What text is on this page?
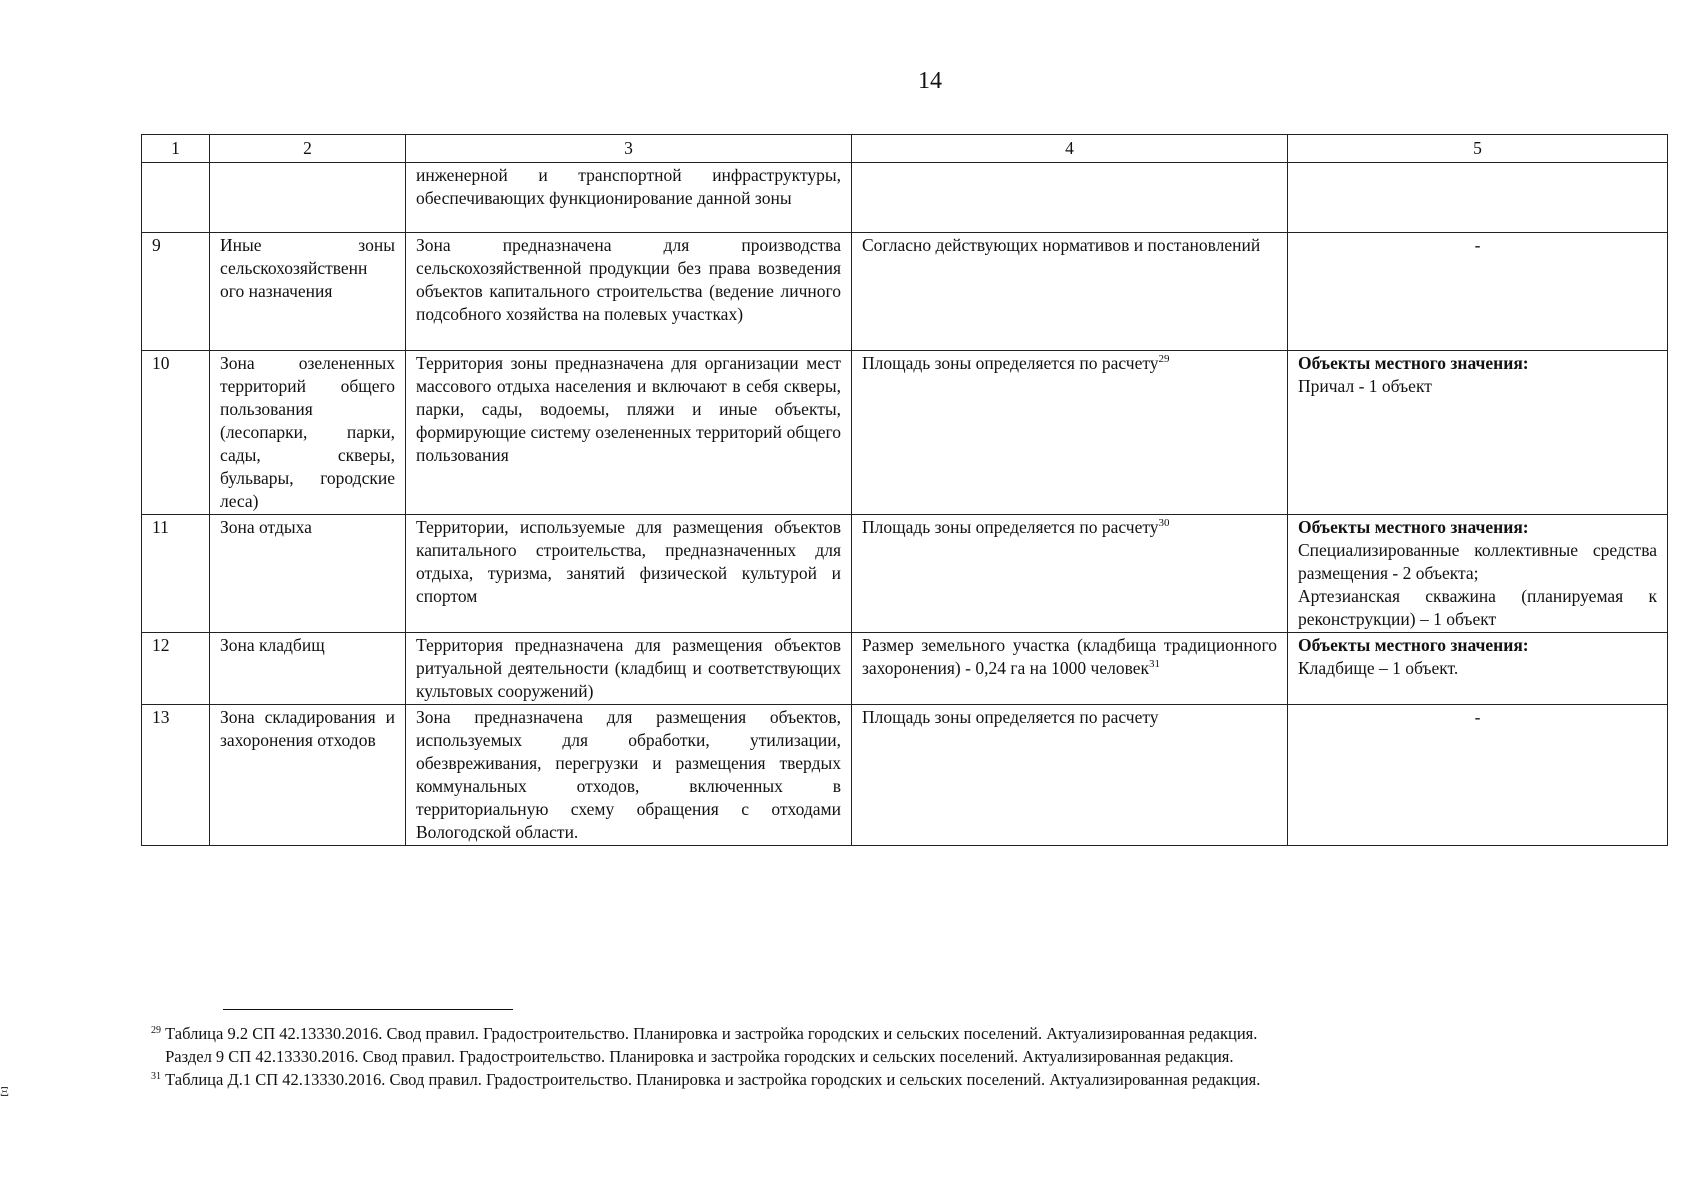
14
1	2	3	4	5
		инженерной и транспортной инфраструктуры, обеспечивающих функционирование данной зоны		
9	Иные зоны сельскохозяйственн ого назначения	Зона предназначена для производства сельскохозяйственной продукции без права возведения объектов капитального строительства (ведение личного подсобного хозяйства на полевых участках)	Согласно действующих нормативов и постановлений	-
10	Зона озелененных территорий общего пользования (лесопарки, парки, сады, скверы, бульвары, городские леса)	Территория зоны предназначена для организации мест массового отдыха населения и включают в себя скверы, парки, сады, водоемы, пляжи и иные объекты, формирующие систему озелененных территорий общего пользования	Площадь зоны определяется по расчету$^{29}$	Объекты местного значения:
Причал - 1 объект

11	Зона отдыха	Территории, используемые для размещения объектов капитального строительства, предназначенных для отдыха, туризма, занятий физической культурой и спортом	Площадь зоны определяется по расчету$^{30}$	Объекты местного значения:
Специализированные коллективные средства размещения - 2 объекта;
Артезианская скважина (планируемая к реконструкции) – 1 объект

12	Зона кладбищ	Территория предназначена для размещения объектов ритуальной деятельности (кладбищ и соответствующих культовых сооружений)	Размер земельного участка (кладбища традиционного захоронения) - 0,24 га на 1000 человек$^{31}$	Объекты местного значения:
Кладбище – 1 объект.

13	Зона складирования и захоронения отходов	Зона предназначена для размещения объектов, используемых для обработки, утилизации, обезвреживания, перегрузки и размещения твердых коммунальных отходов, включенных в территориальную схему обращения с отходами Вологодской области.	Площадь зоны определяется по расчету	-
$^{29}$ Таблица 9.2 СП 42.13330.2016. Свод правил. Градостроительство. Планировка и застройка городских и сельских поселений. Актуализированная редакция.
Раздел 9 СП 42.13330.2016. Свод правил. Градостроительство. Планировка и застройка городских и сельских поселений. Актуализированная редакция.
$^{31}$ Таблица Д.1 СП 42.13330.2016. Свод правил. Градостроительство. Планировка и застройка городских и сельских поселений. Актуализированная редакция.
Ξ
